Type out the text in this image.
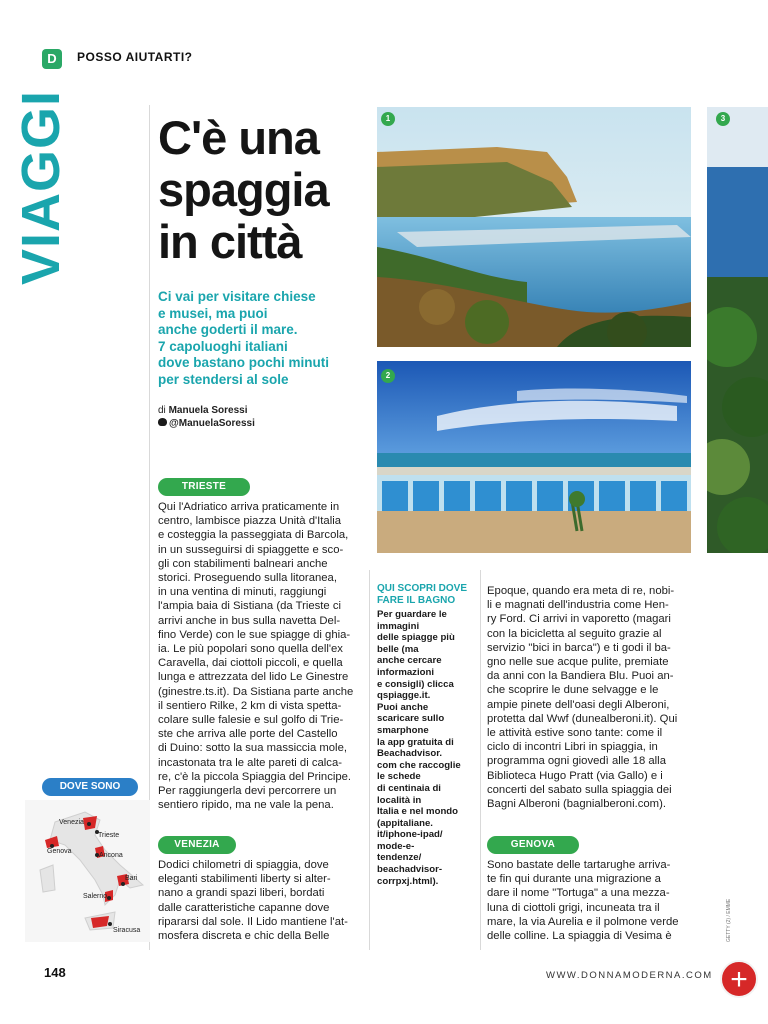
D	POSSO AIUTARTI?
VIAGGI C'è una
spaggia
in città
Ci vai per visitare chiese
e musei, ma puoi
anche goderti il mare.
7 capoluoghi italiani
dove bastano pochi minuti
per stendersi al sole
di Manuela Soressi
@ManuelaSoressi
1
2
3
TRIESTE
Qui l'Adriatico arriva praticamente in
centro, lambisce piazza Unità d'Italia
e costeggia la passeggiata di Barcola,
in un susseguirsi di spiaggette e sco-
gli con stabilimenti balneari anche
storici. Proseguendo sulla litoranea,
in una ventina di minuti, raggiungi
l'ampia baia di Sistiana (da Trieste ci
arrivi anche in bus sulla navetta Del-
fino Verde) con le sue spiagge di ghia-
ia. Le più popolari sono quella dell'ex
Caravella, dai ciottoli piccoli, e quella
lunga e attrezzata del lido Le Ginestre
(ginestre.ts.it). Da Sistiana parte anche
il sentiero Rilke, 2 km di vista spetta-
colare sulle falesie e sul golfo di Trie-
ste che arriva alle porte del Castello
di Duino: sotto la sua massiccia mole,
incastonata tra le alte pareti di calca-
re, c'è la piccola Spiaggia del Principe.
Per raggiungerla devi percorrere un
sentiero ripido, ma ne vale la pena.
VENEZIA
Dodici chilometri di spiaggia, dove
eleganti stabilimenti liberty si alter-
nano a grandi spazi liberi, bordati
dalle caratteristiche capanne dove
ripararsi dal sole. Il Lido mantiene l'at-
mosfera discreta e chic della Belle
QUI SCOPRI DOVE
FARE IL BAGNO
Per guardare le
immagini
delle spiagge più
belle (ma
anche cercare
informazioni
e consigli) clicca
qspiagge.it.
Puoi anche
scaricare sullo
smarphone
la app gratuita di
Beachadvisor.
com che raccoglie
le schede
di centinaia di
località in
Italia e nel mondo
(appitaliane.
it/iphone-ipad/
mode-e-
tendenze/
beachadvisor-
corrpxj.html).
Epoque, quando era meta di re, nobi-
li e magnati dell'industria come Hen-
ry Ford. Ci arrivi in vaporetto (magari
con la bicicletta al seguito grazie al
servizio "bici in barca") e ti godi il ba-
gno nelle sue acque pulite, premiate
da anni con la Bandiera Blu. Puoi an-
che scoprire le dune selvagge e le
ampie pinete dell'oasi degli Alberoni,
protetta dal Wwf (dunealberoni.it). Qui
le attività estive sono tante: come il
ciclo di incontri Libri in spiaggia, in
programma ogni giovedì alle 18 alla
Biblioteca Hugo Pratt (via Gallo) e i
concerti del sabato sulla spiaggia dei
Bagni Alberoni (bagnialberoni.com).
GENOVA
Sono bastate delle tartarughe arriva-
te fin qui durante una migrazione a
dare il nome "Tortuga" a una mezza-
luna di ciottoli grigi, incuneata tra il
mare, la via Aurelia e il polmone verde
delle colline. La spiaggia di Vesima è
DOVE SONO
Venezia
Trieste
Genova
Ancona
Bari
Salerno
Siracusa
148	WWW.DONNAMODERNA.COM +
GETTY (2) / EMME
